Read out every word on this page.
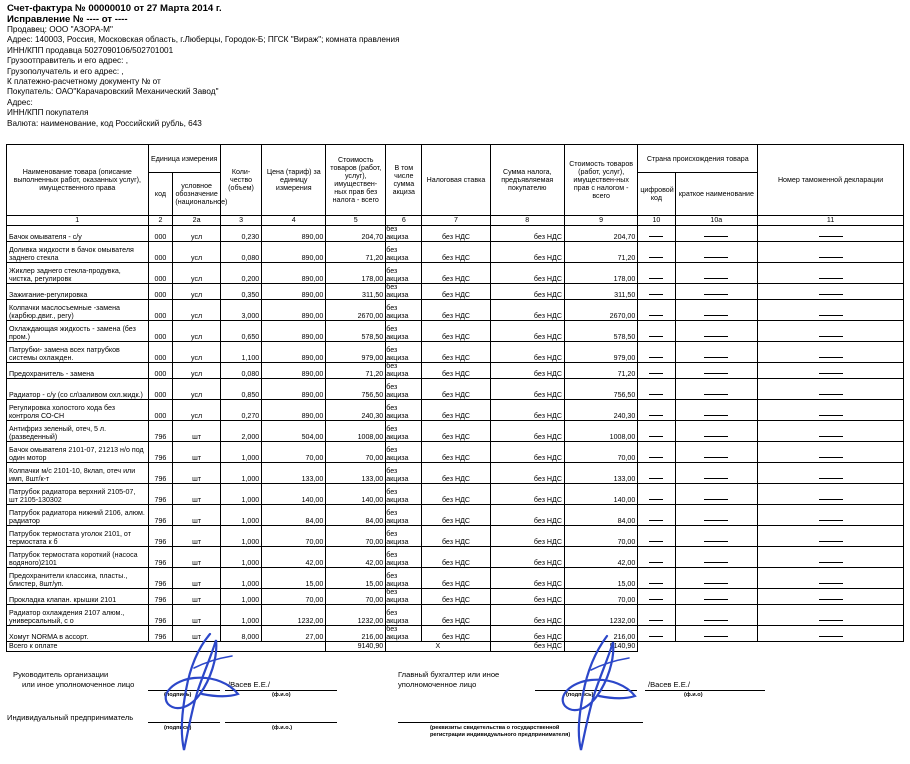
Счет-фактура № 00000010 от 27 Марта 2014 г.
Исправление № ---- от ----
Продавец: ООО "АЗОРА-М"
Адрес: 140003, Россия, Московская область, г.Люберцы, Городок-Б; ПГСК "Вираж"; комната правления
ИНН/КПП продавца 5027090106/502701001
Грузоотправитель и его адрес: ,
Грузополучатель и его адрес: ,
К платежно-расчетному документу № от
Покупатель: ОАО"Карачаровский Механический Завод"
Адрес:
ИНН/КПП покупателя
Валюта: наименование, код Российский рубль, 643
Наименование товара (описание выполненных работ, оказанных услуг), имущественного права	Единица измерения		Коли-чество (объем)	Цена (тариф) за единицу измерения	Стоимость товаров (работ, услуг), имуществен-ных прав без налога - всего	В том числе сумма акциза	Налоговая ставка	Сумма налога, предъявляемая покупателю	Стоимость товаров (работ, услуг), имуществен-ных прав с налогом - всего	Страна происхождения товара		Номер таможенной декларации
	код	условное обозначение (национальное)								цифровой код	краткое наименование	
1	2	2а	3	4	5	6	7	8	9	10	10а	11
Бачок омывателя - с/у	000	усл	0,230	890,00	204,70	без акциза	без НДС	без НДС	204,70			
Доливка жидкости в бачок омывателя заднего стекла	000	усл	0,080	890,00	71,20	без акциза	без НДС	без НДС	71,20			
Жиклер заднего стекла-продувка, чистка, регулировк	000	усл	0,200	890,00	178,00	без акциза	без НДС	без НДС	178,00			
Зажигание-регулировка	000	усл	0,350	890,00	311,50	без акциза	без НДС	без НДС	311,50			
Колпачки маслосъемные -замена (карбюр.двиг., регу)	000	усл	3,000	890,00	2670,00	без акциза	без НДС	без НДС	2670,00			
Охлаждающая жидкость - замена (без пром.)	000	усл	0,650	890,00	578,50	без акциза	без НДС	без НДС	578,50			
Патрубки- замена всех патрубков системы охлажден.	000	усл	1,100	890,00	979,00	без акциза	без НДС	без НДС	979,00			
Предохранитель - замена	000	усл	0,080	890,00	71,20	без акциза	без НДС	без НДС	71,20			
Радиатор - с/у (со сл\заливом охл.жидк.)	000	усл	0,850	890,00	756,50	без акциза	без НДС	без НДС	756,50			
Регулировка холостого хода без контроля СО-СН	000	усл	0,270	890,00	240,30	без акциза	без НДС	без НДС	240,30			
Антифриз зеленый, отеч, 5 л.(разведенный)	796	шт	2,000	504,00	1008,00	без акциза	без НДС	без НДС	1008,00			
Бачок омывателя 2101-07, 21213 н/о под один мотор	796	шт	1,000	70,00	70,00	без акциза	без НДС	без НДС	70,00			
Колпачки м/с 2101-10, 8клап, отеч или имп, 8шт/к-т	796	шт	1,000	133,00	133,00	без акциза	без НДС	без НДС	133,00			
Патрубок радиатора верхний 2105-07, шт 2105-130302	796	шт	1,000	140,00	140,00	без акциза	без НДС	без НДС	140,00			
Патрубок радиатора нижний 2106, алюм. радиатор	796	шт	1,000	84,00	84,00	без акциза	без НДС	без НДС	84,00			
Патрубок термостата уголок 2101, от термостата к б	796	шт	1,000	70,00	70,00	без акциза	без НДС	без НДС	70,00			
Патрубок термостата короткий (насоса водяного)2101	796	шт	1,000	42,00	42,00	без акциза	без НДС	без НДС	42,00			
Предохранители классика, пласты., блистер, 8шт/уп.	796	шт	1,000	15,00	15,00	без акциза	без НДС	без НДС	15,00			
Прокладка клапан. крышки 2101	796	шт	1,000	70,00	70,00	без акциза	без НДС	без НДС	70,00			
Радиатор охлаждения 2107 алюм., универсальный, с о	796	шт	1,000	1232,00	1232,00	без акциза	без НДС	без НДС	1232,00			
Хомут NORMA в ассорт.	796	шт	8,000	27,00	216,00	без акциза	без НДС	без НДС	216,00			
Всего к оплате					9140,90	Х		без НДС	9140,90			
Руководитель организации
или иное уполномоченное лицо
(подпись)
/Васев Е.Е./
(ф.и.о)
Главный бухгалтер или иное
уполномоченное лицо
(подпись)
/Васев Е.Е./
(ф.и.о)
Индивидуальный предприниматель
(подпись)	(ф.и.о.)	(реквизиты свидетельства о государственной
регистрации индивидуального предпринимателя)
